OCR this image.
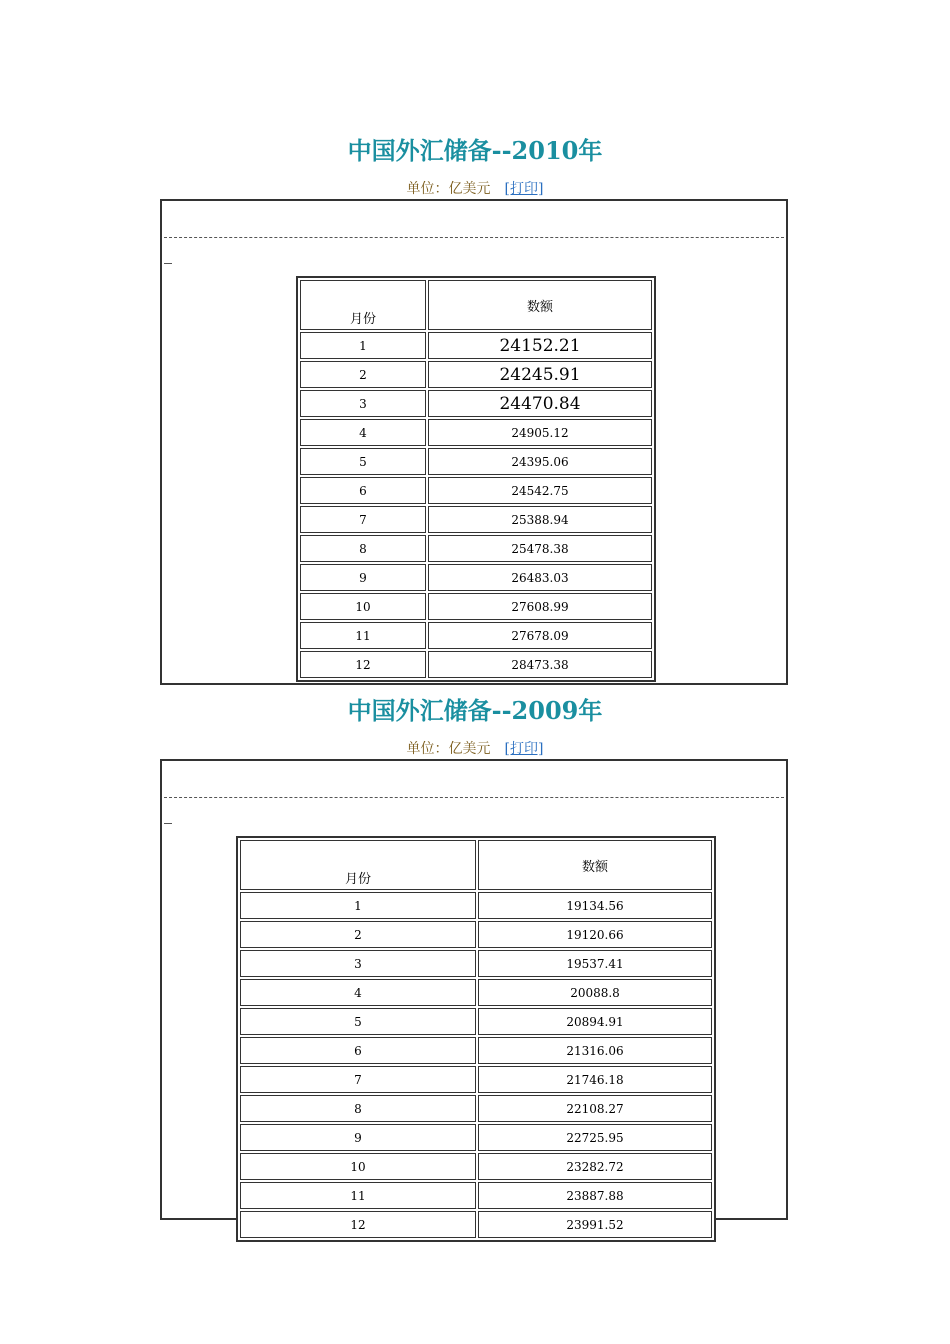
中国外汇储备--2010年
单位：亿美元 [打印]
月份	数额
1	24152.21
2	24245.91
3	24470.84
4	24905.12
5	24395.06
6	24542.75
7	25388.94
8	25478.38
9	26483.03
10	27608.99
11	27678.09
12	28473.38
中国外汇储备--2009年
单位：亿美元 [打印]
月份	数额
1	19134.56
2	19120.66
3	19537.41
4	20088.8
5	20894.91
6	21316.06
7	21746.18
8	22108.27
9	22725.95
10	23282.72
11	23887.88
12	23991.52
